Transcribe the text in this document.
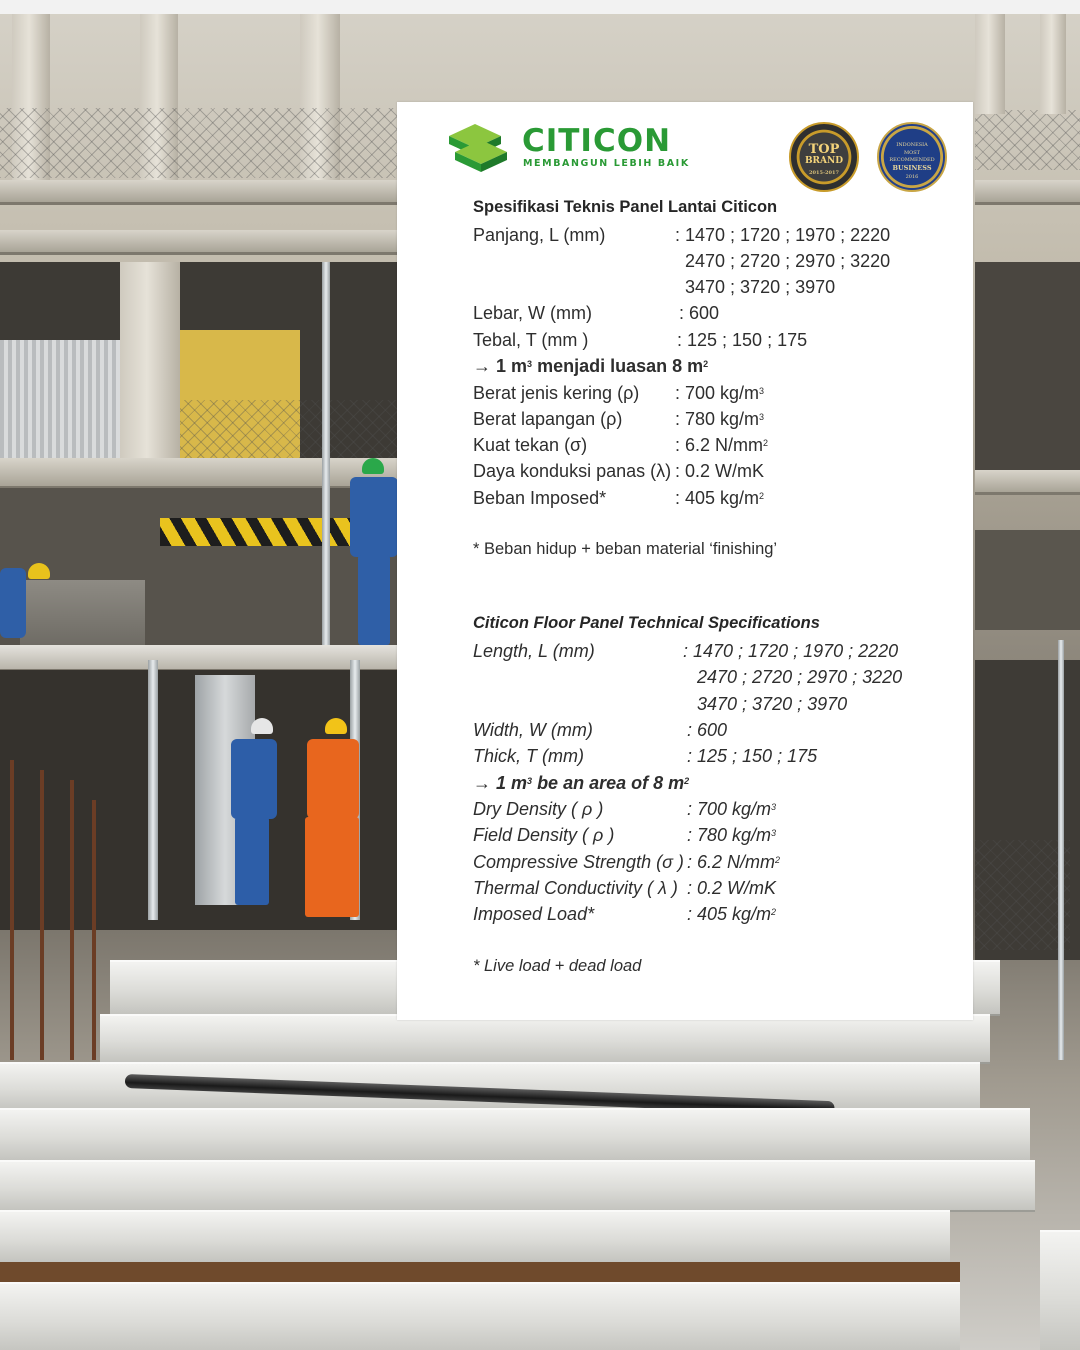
CITICON
MEMBANGUN LEBIH BAIK
TOP
BRAND
2015-2017
INDONESIA
MOST
RECOMMENDED
BUSINESS
2016
Spesifikasi Teknis Panel Lantai Citicon
Panjang, L (mm)	: 1470 ; 1720 ; 1970 ; 2220
2470 ; 2720 ; 2970 ; 3220
3470 ; 3720 ; 3970
Lebar, W (mm)	: 600
Tebal, T (mm )	: 125 ; 150 ; 175
→ 1 $m^3$ menjadi luasan 8 $m^2$
Berat jenis kering (ρ) : 700 $kg/m^3$
Berat lapangan (ρ)	: 780 $kg/m^3$
Kuat tekan (σ)	: 6.2 $N/mm^2$
Daya konduksi panas (λ) : 0.2 W/mK
Beban Imposed*	: 405 $kg/m^2$
* Beban hidup + beban material ‘finishing’
Citicon Floor Panel Technical Specifications
Length, L (mm)	: 1470 ; 1720 ; 1970 ; 2220
2470 ; 2720 ; 2970 ; 3220
3470 ; 3720 ; 3970
Width, W (mm)	: 600
Thick, T (mm)	: 125 ; 150 ; 175
→ 1 $m^3$ be an area of 8 $m^2$
Dry Density ( ρ )	: 700 $kg/m^3$
Field Density ( ρ )	: 780 $kg/m^3$
Compressive Strength (σ ) : 6.2 $N/mm^2$
Thermal Conductivity ( λ ) : 0.2 W/mK
Imposed Load*	: 405 $kg/m^2$
* Live load + dead load
